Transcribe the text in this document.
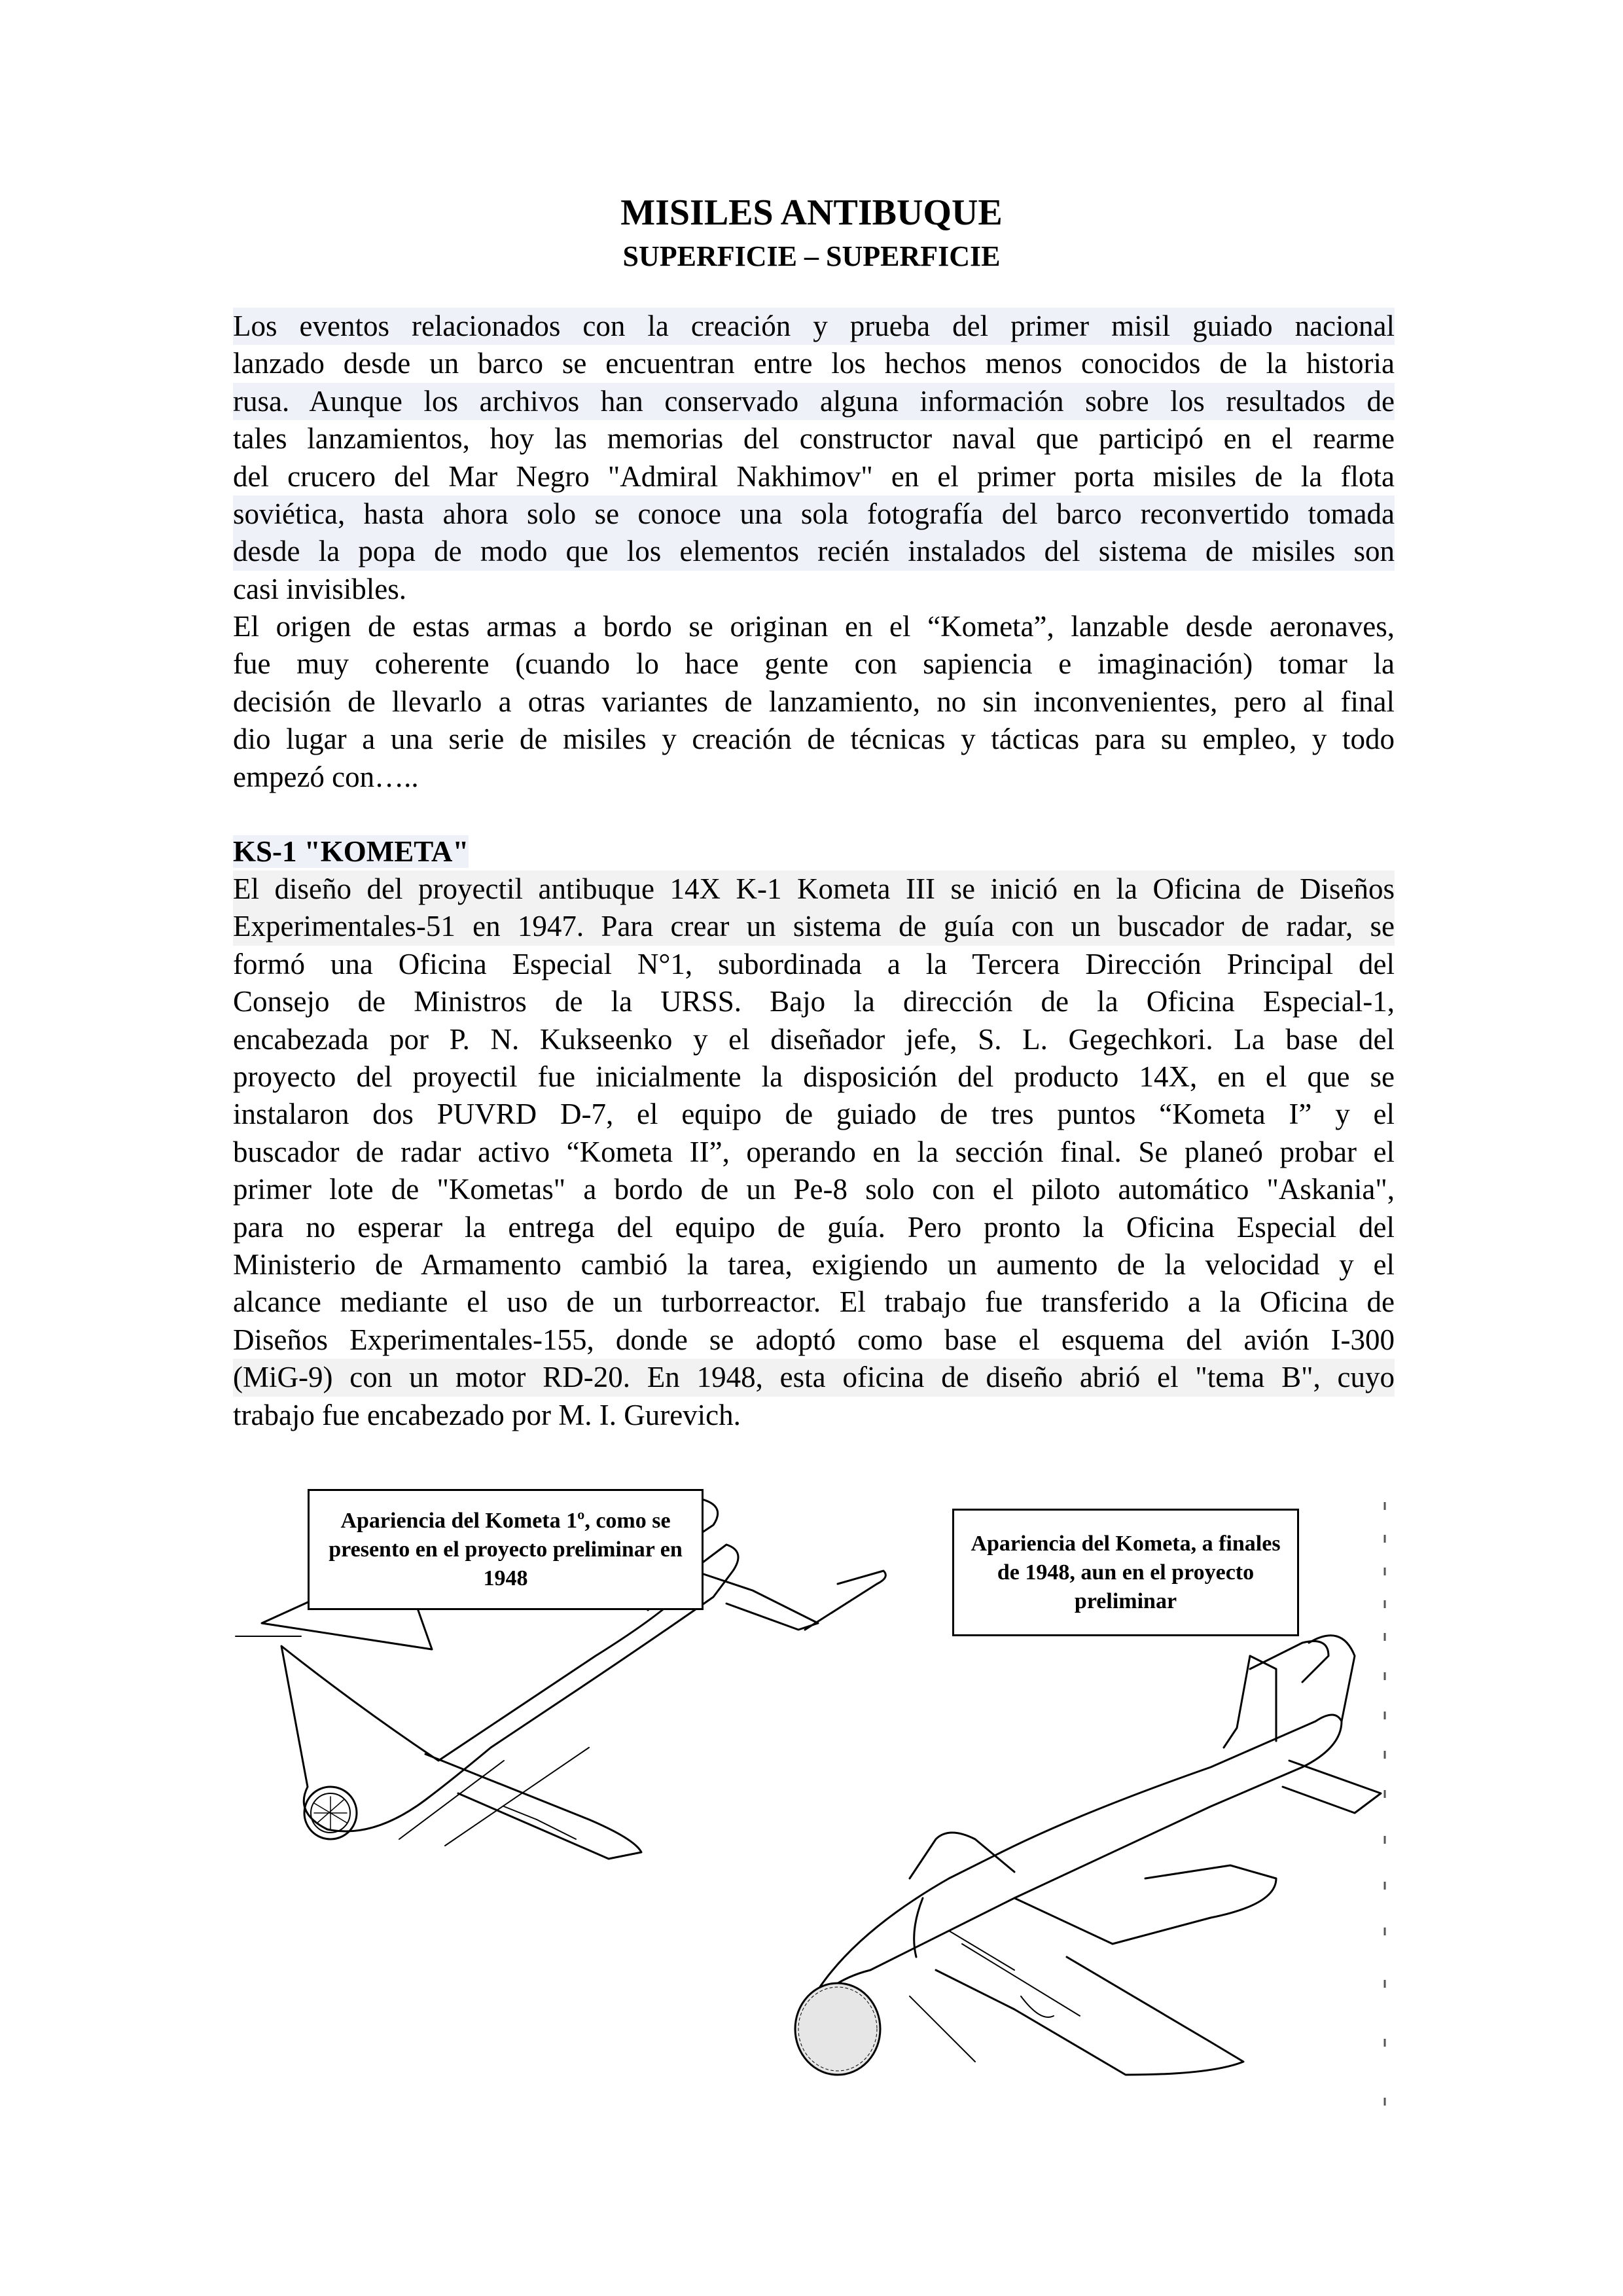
MISILES ANTIBUQUE
SUPERFICIE – SUPERFICIE

Los eventos relacionados con la creación y prueba del primer misil guiado nacional

lanzado desde un barco se encuentran entre los hechos menos conocidos de la historia

rusa. Aunque los archivos han conservado alguna información sobre los resultados de

tales lanzamientos, hoy las memorias del constructor naval que participó en el rearme

del crucero del Mar Negro "Admiral Nakhimov" en el primer porta misiles de la flota

soviética, hasta ahora solo se conoce una sola fotografía del barco reconvertido tomada

desde la popa de modo que los elementos recién instalados del sistema de misiles son

casi invisibles.

El origen de estas armas a bordo se originan en el “Kometa”, lanzable desde aeronaves,

fue muy coherente (cuando lo hace gente con sapiencia e imaginación) tomar la

decisión de llevarlo a otras variantes de lanzamiento, no sin inconvenientes, pero al final

dio lugar a una serie de misiles y creación de técnicas y tácticas para su empleo, y todo

empezó con…..

KS-1 "KOMETA"

El diseño del proyectil antibuque 14X K-1 Kometa III se inició en la Oficina de Diseños

Experimentales-51 en 1947. Para crear un sistema de guía con un buscador de radar, se

formó una Oficina Especial N°1, subordinada a la Tercera Dirección Principal del

Consejo de Ministros de la URSS. Bajo la dirección de la Oficina Especial-1,

encabezada por P. N. Kukseenko y el diseñador jefe, S. L. Gegechkori. La base del

proyecto del proyectil fue inicialmente la disposición del producto 14X, en el que se

instalaron dos PUVRD D-7, el equipo de guiado de tres puntos “Kometa I” y el

buscador de radar activo “Kometa II”, operando en la sección final. Se planeó probar el

primer lote de "Kometas" a bordo de un Pe-8 solo con el piloto automático "Askania",

para no esperar la entrega del equipo de guía. Pero pronto la Oficina Especial del

Ministerio de Armamento cambió la tarea, exigiendo un aumento de la velocidad y el

alcance mediante el uso de un turborreactor. El trabajo fue transferido a la Oficina de

Diseños Experimentales-155, donde se adoptó como base el esquema del avión I-300

(MiG-9) con un motor RD-20. En 1948, esta oficina de diseño abrió el "tema B", cuyo

trabajo fue encabezado por M. I. Gurevich.

Apariencia del Kometa 1º, como se presento en el proyecto preliminar en 1948
Apariencia del Kometa, a finales de 1948, aun en el proyecto preliminar
